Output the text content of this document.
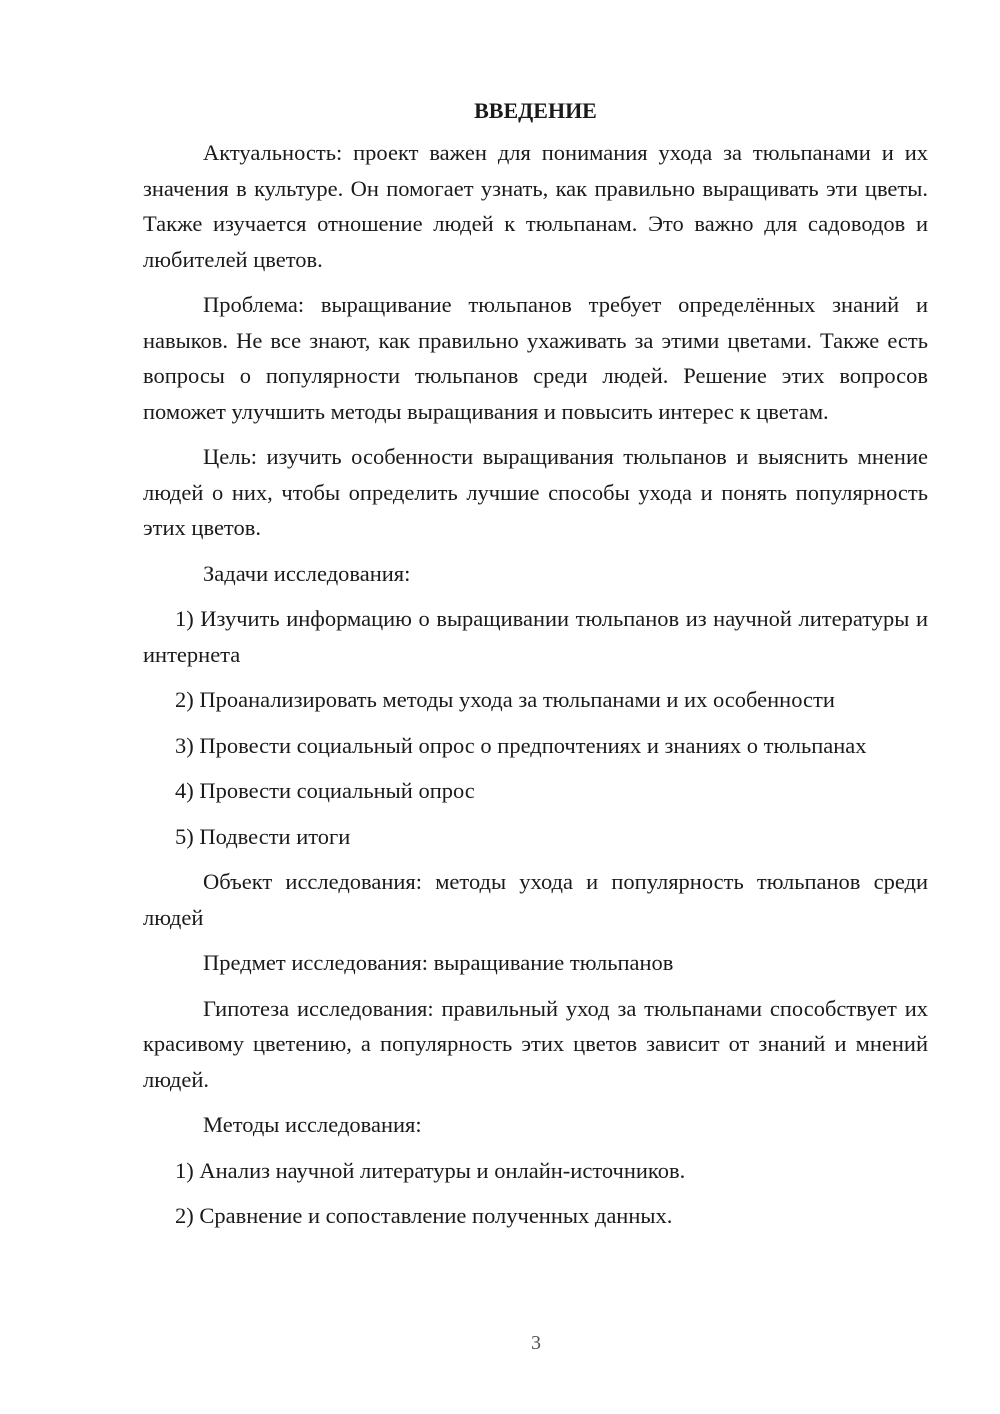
ВВЕДЕНИЕ

Актуальность: проект важен для понимания ухода за тюльпанами и их значения в культуре. Он помогает узнать, как правильно выращивать эти цветы. Также изучается отношение людей к тюльпанам. Это важно для садоводов и любителей цветов.

Проблема: выращивание тюльпанов требует определённых знаний и навыков. Не все знают, как правильно ухаживать за этими цветами. Также есть вопросы о популярности тюльпанов среди людей. Решение этих вопросов поможет улучшить методы выращивания и повысить интерес к цветам.

Цель: изучить особенности выращивания тюльпанов и выяснить мнение людей о них, чтобы определить лучшие способы ухода и понять популярность этих цветов.

Задачи исследования:

1) Изучить информацию о выращивании тюльпанов из научной литературы и интернета

2) Проанализировать методы ухода за тюльпанами и их особенности

3) Провести социальный опрос о предпочтениях и знаниях о тюльпанах

4) Провести социальный опрос

5) Подвести итоги

Объект исследования: методы ухода и популярность тюльпанов среди людей

Предмет исследования: выращивание тюльпанов

Гипотеза исследования: правильный уход за тюльпанами способствует их красивому цветению, а популярность этих цветов зависит от знаний и мнений людей.

Методы исследования:

1) Анализ научной литературы и онлайн-источников.

2) Сравнение и сопоставление полученных данных.

3
